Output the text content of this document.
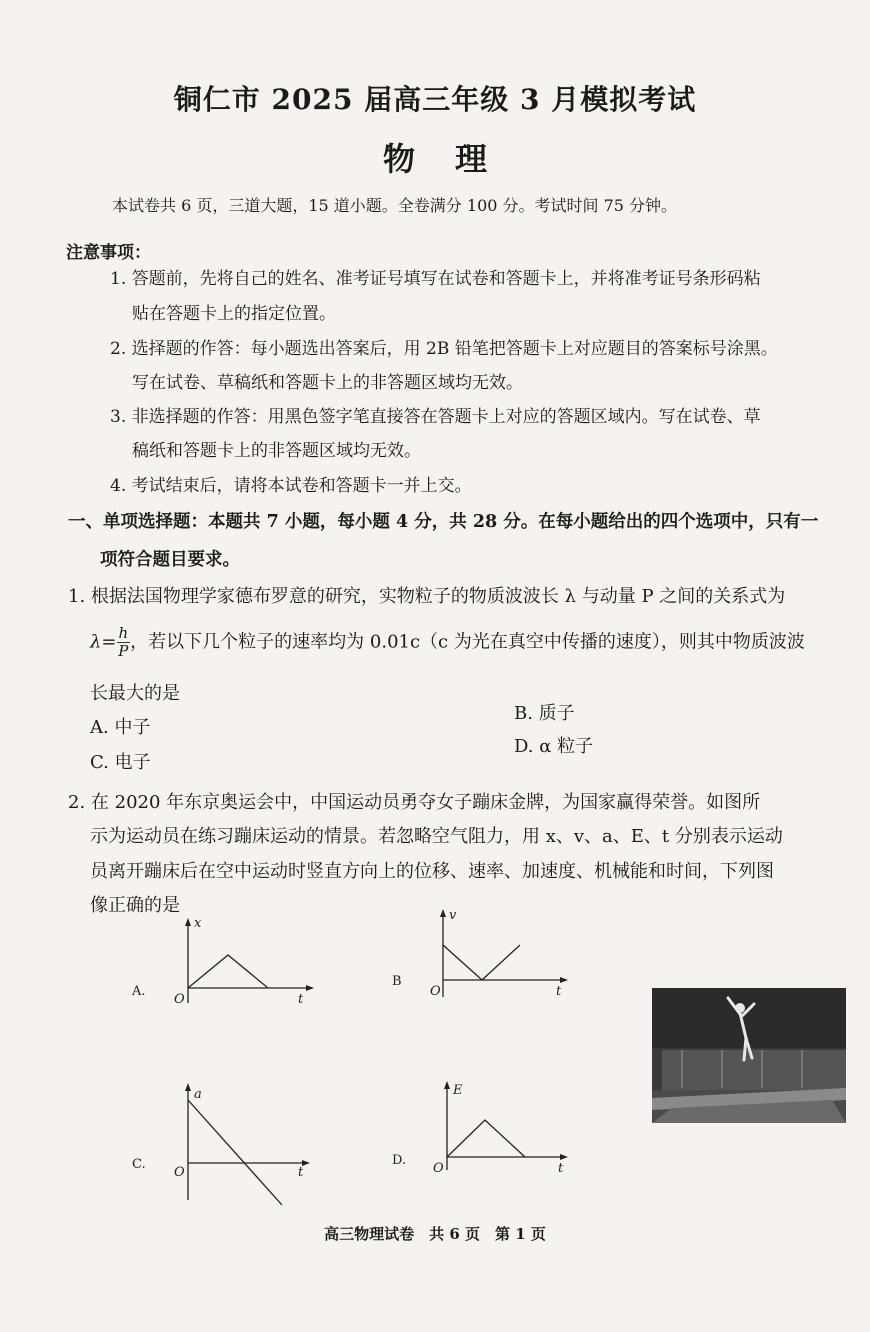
铜仁市 2025 届高三年级 3 月模拟考试
物理
本试卷共 6 页，三道大题，15 道小题。全卷满分 100 分。考试时间 75 分钟。
注意事项：
1. 答题前，先将自己的姓名、准考证号填写在试卷和答题卡上，并将准考证号条形码粘
贴在答题卡上的指定位置。
2. 选择题的作答：每小题选出答案后，用 2B 铅笔把答题卡上对应题目的答案标号涂黑。
写在试卷、草稿纸和答题卡上的非答题区域均无效。
3. 非选择题的作答：用黑色签字笔直接答在答题卡上对应的答题区域内。写在试卷、草
稿纸和答题卡上的非答题区域均无效。
4. 考试结束后，请将本试卷和答题卡一并上交。
一、单项选择题：本题共 7 小题，每小题 4 分，共 28 分。在每小题给出的四个选项中，只有一
项符合题目要求。
1. 根据法国物理学家德布罗意的研究，实物粒子的物质波波长 λ 与动量 P 之间的关系式为
$\lambda= \frac{h}{P}$ ，若以下几个粒子的速率均为 0.01c（c 为光在真空中传播的速度），则其中物质波波
长最大的是
A. 中子
B. 质子
C. 电子
D. α 粒子
2. 在 2020 年东京奥运会中，中国运动员勇夺女子蹦床金牌，为国家赢得荣誉。如图所
示为运动员在练习蹦床运动的情景。若忽略空气阻力，用 x、v、a、E、t 分别表示运动
员离开蹦床后在空中运动时竖直方向上的位移、速率、加速度、机械能和时间，下列图
像正确的是
A.
x
t
O
B
v
t
O
C.
a
t
O
D.
E
t
O
高三物理试卷　共 6 页　第 1 页
